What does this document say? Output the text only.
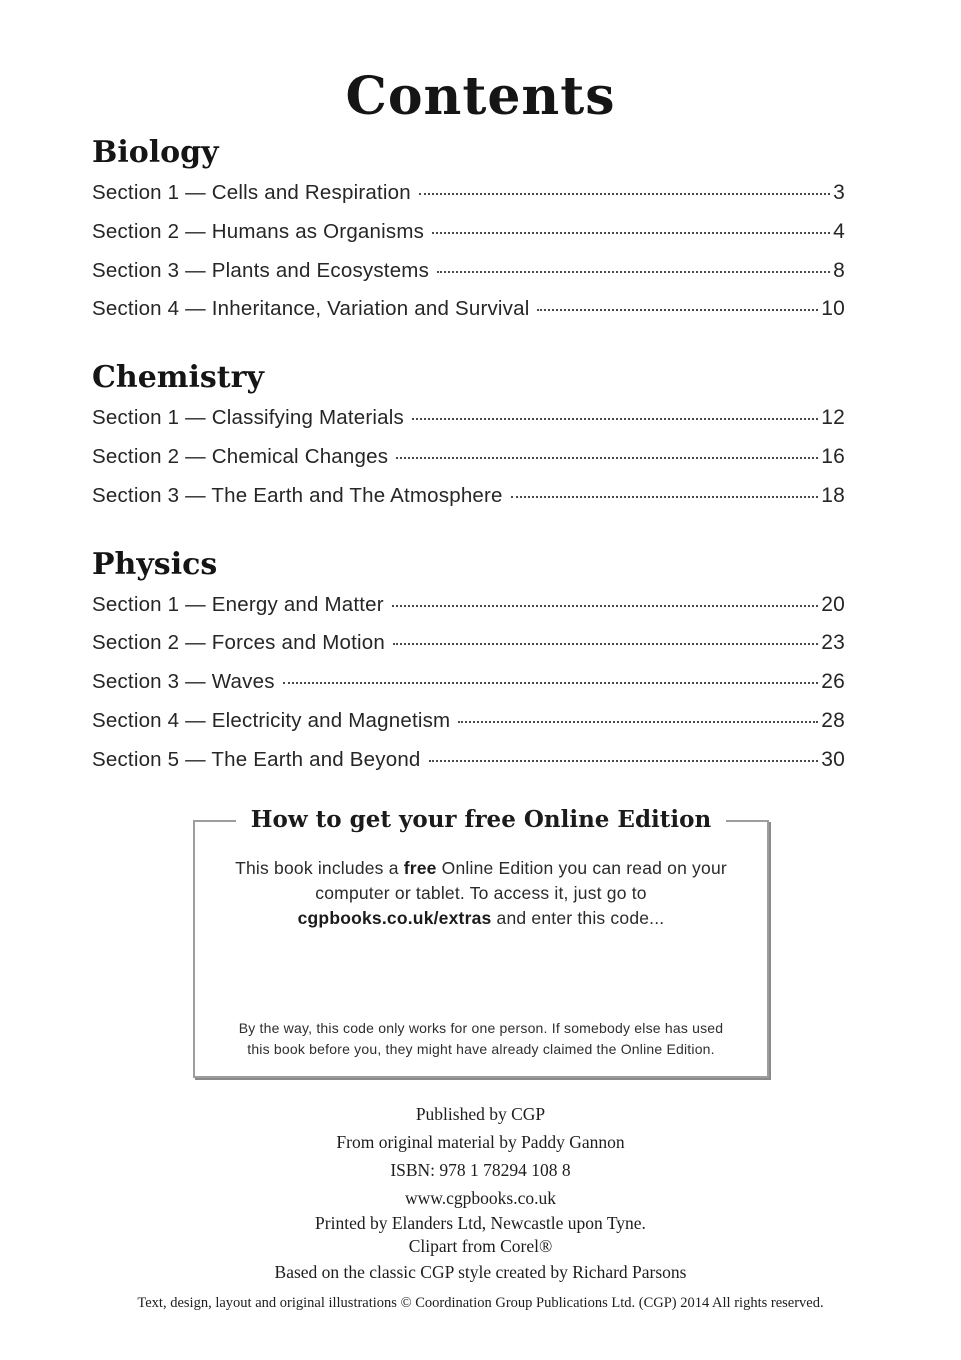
Contents
Biology
Section 1 — Cells and Respiration	3
Section 2 — Humans as Organisms	4
Section 3 — Plants and Ecosystems	8
Section 4 — Inheritance, Variation and Survival	10
Chemistry
Section 1 — Classifying Materials	12
Section 2 — Chemical Changes	16
Section 3 — The Earth and The Atmosphere	18
Physics
Section 1 — Energy and Matter	20
Section 2 — Forces and Motion	23
Section 3 — Waves	26
Section 4 — Electricity and Magnetism	28
Section 5 — The Earth and Beyond	30
How to get your free Online Edition
This book includes a free Online Edition you can read on your
computer or tablet. To access it, just go to
cgpbooks.co.uk/extras and enter this code...
By the way, this code only works for one person. If somebody else has used
this book before you, they might have already claimed the Online Edition.
Published by CGP
From original material by Paddy Gannon
ISBN: 978 1 78294 108 8
www.cgpbooks.co.uk
Printed by Elanders Ltd, Newcastle upon Tyne.
Clipart from Corel®
Based on the classic CGP style created by Richard Parsons
Text, design, layout and original illustrations © Coordination Group Publications Ltd. (CGP) 2014 All rights reserved.
